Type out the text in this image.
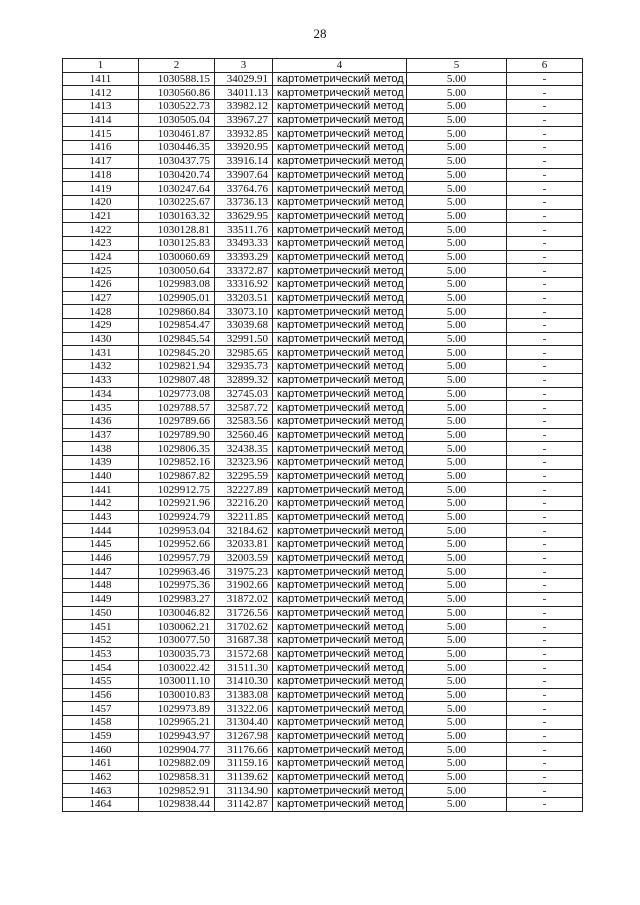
28
1	2	3	4	5	6
1411	1030588.15	34029.91	картометрический метод	5.00	-
1412	1030560.86	34011.13	картометрический метод	5.00	-
1413	1030522.73	33982.12	картометрический метод	5.00	-
1414	1030505.04	33967.27	картометрический метод	5.00	-
1415	1030461.87	33932.85	картометрический метод	5.00	-
1416	1030446.35	33920.95	картометрический метод	5.00	-
1417	1030437.75	33916.14	картометрический метод	5.00	-
1418	1030420.74	33907.64	картометрический метод	5.00	-
1419	1030247.64	33764.76	картометрический метод	5.00	-
1420	1030225.67	33736.13	картометрический метод	5.00	-
1421	1030163.32	33629.95	картометрический метод	5.00	-
1422	1030128.81	33511.76	картометрический метод	5.00	-
1423	1030125.83	33493.33	картометрический метод	5.00	-
1424	1030060.69	33393.29	картометрический метод	5.00	-
1425	1030050.64	33372.87	картометрический метод	5.00	-
1426	1029983.08	33316.92	картометрический метод	5.00	-
1427	1029905.01	33203.51	картометрический метод	5.00	-
1428	1029860.84	33073.10	картометрический метод	5.00	-
1429	1029854.47	33039.68	картометрический метод	5.00	-
1430	1029845.54	32991.50	картометрический метод	5.00	-
1431	1029845.20	32985.65	картометрический метод	5.00	-
1432	1029821.94	32935.73	картометрический метод	5.00	-
1433	1029807.48	32899.32	картометрический метод	5.00	-
1434	1029773.08	32745.03	картометрический метод	5.00	-
1435	1029788.57	32587.72	картометрический метод	5.00	-
1436	1029789.66	32583.56	картометрический метод	5.00	-
1437	1029789.90	32560.46	картометрический метод	5.00	-
1438	1029806.35	32438.35	картометрический метод	5.00	-
1439	1029852.16	32323.96	картометрический метод	5.00	-
1440	1029867.82	32295.59	картометрический метод	5.00	-
1441	1029912.75	32227.89	картометрический метод	5.00	-
1442	1029921.96	32216.20	картометрический метод	5.00	-
1443	1029924.79	32211.85	картометрический метод	5.00	-
1444	1029953.04	32184.62	картометрический метод	5.00	-
1445	1029952.66	32033.81	картометрический метод	5.00	-
1446	1029957.79	32003.59	картометрический метод	5.00	-
1447	1029963.46	31975.23	картометрический метод	5.00	-
1448	1029975.36	31902.66	картометрический метод	5.00	-
1449	1029983.27	31872.02	картометрический метод	5.00	-
1450	1030046.82	31726.56	картометрический метод	5.00	-
1451	1030062.21	31702.62	картометрический метод	5.00	-
1452	1030077.50	31687.38	картометрический метод	5.00	-
1453	1030035.73	31572.68	картометрический метод	5.00	-
1454	1030022.42	31511.30	картометрический метод	5.00	-
1455	1030011.10	31410.30	картометрический метод	5.00	-
1456	1030010.83	31383.08	картометрический метод	5.00	-
1457	1029973.89	31322.06	картометрический метод	5.00	-
1458	1029965.21	31304.40	картометрический метод	5.00	-
1459	1029943.97	31267.98	картометрический метод	5.00	-
1460	1029904.77	31176.66	картометрический метод	5.00	-
1461	1029882.09	31159.16	картометрический метод	5.00	-
1462	1029858.31	31139.62	картометрический метод	5.00	-
1463	1029852.91	31134.90	картометрический метод	5.00	-
1464	1029838.44	31142.87	картометрический метод	5.00	-
